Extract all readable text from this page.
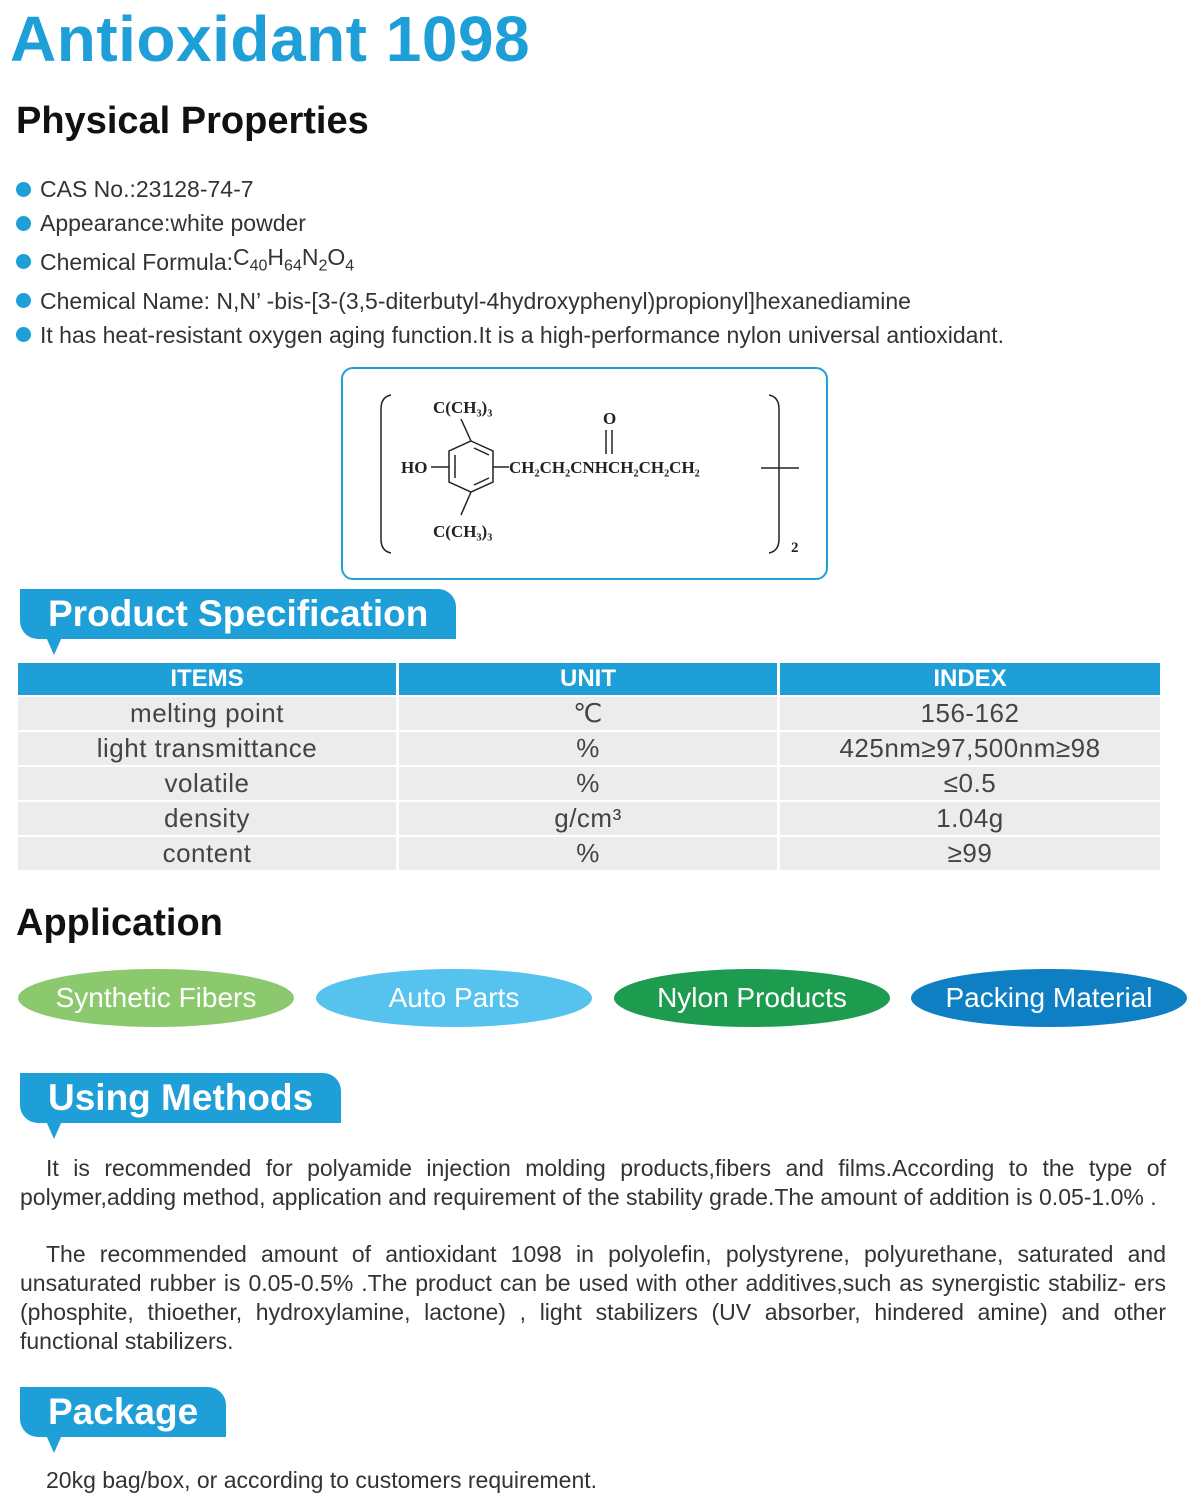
Antioxidant 1098
Physical Properties
CAS No.:23128-74-7
Appearance:white powder
Chemical Formula: $C_{40}H_{64}N_2O_4$
Chemical Name: N,N’ -bis-[3-(3,5-diterbutyl-4hydroxyphenyl)propionyl]hexanediamine
It has heat-resistant oxygen aging function.It is a high-performance nylon universal antioxidant.
2
C(CH₃)₃
HO
C(CH₃)₃
CH₂CH₂CNHCH₂CH₂CH₂
O
Product Specification
ITEMS	UNIT	INDEX
melting point	℃	156-162
light transmittance	%	425nm≥97,500nm≥98
volatile	%	≤0.5
density	g/cm³	1.04g
content	%	≥99
Application
Synthetic Fibers	Auto Parts	Nylon Products	Packing Material
Using Methods

It is recommended for polyamide injection molding products,fibers and films.According to the type of polymer,adding method, application and requirement of the stability grade.The amount of addition is 0.05-1.0% .

The recommended amount of antioxidant 1098 in polyolefin, polystyrene, polyurethane, saturated and unsaturated rubber is 0.05-0.5% .The product can be used with other additives,such as synergistic stabiliz- ers (phosphite, thioether, hydroxylamine, lactone) , light stabilizers (UV absorber, hindered amine) and other functional stabilizers.

Package

20kg bag/box, or according to customers requirement.
